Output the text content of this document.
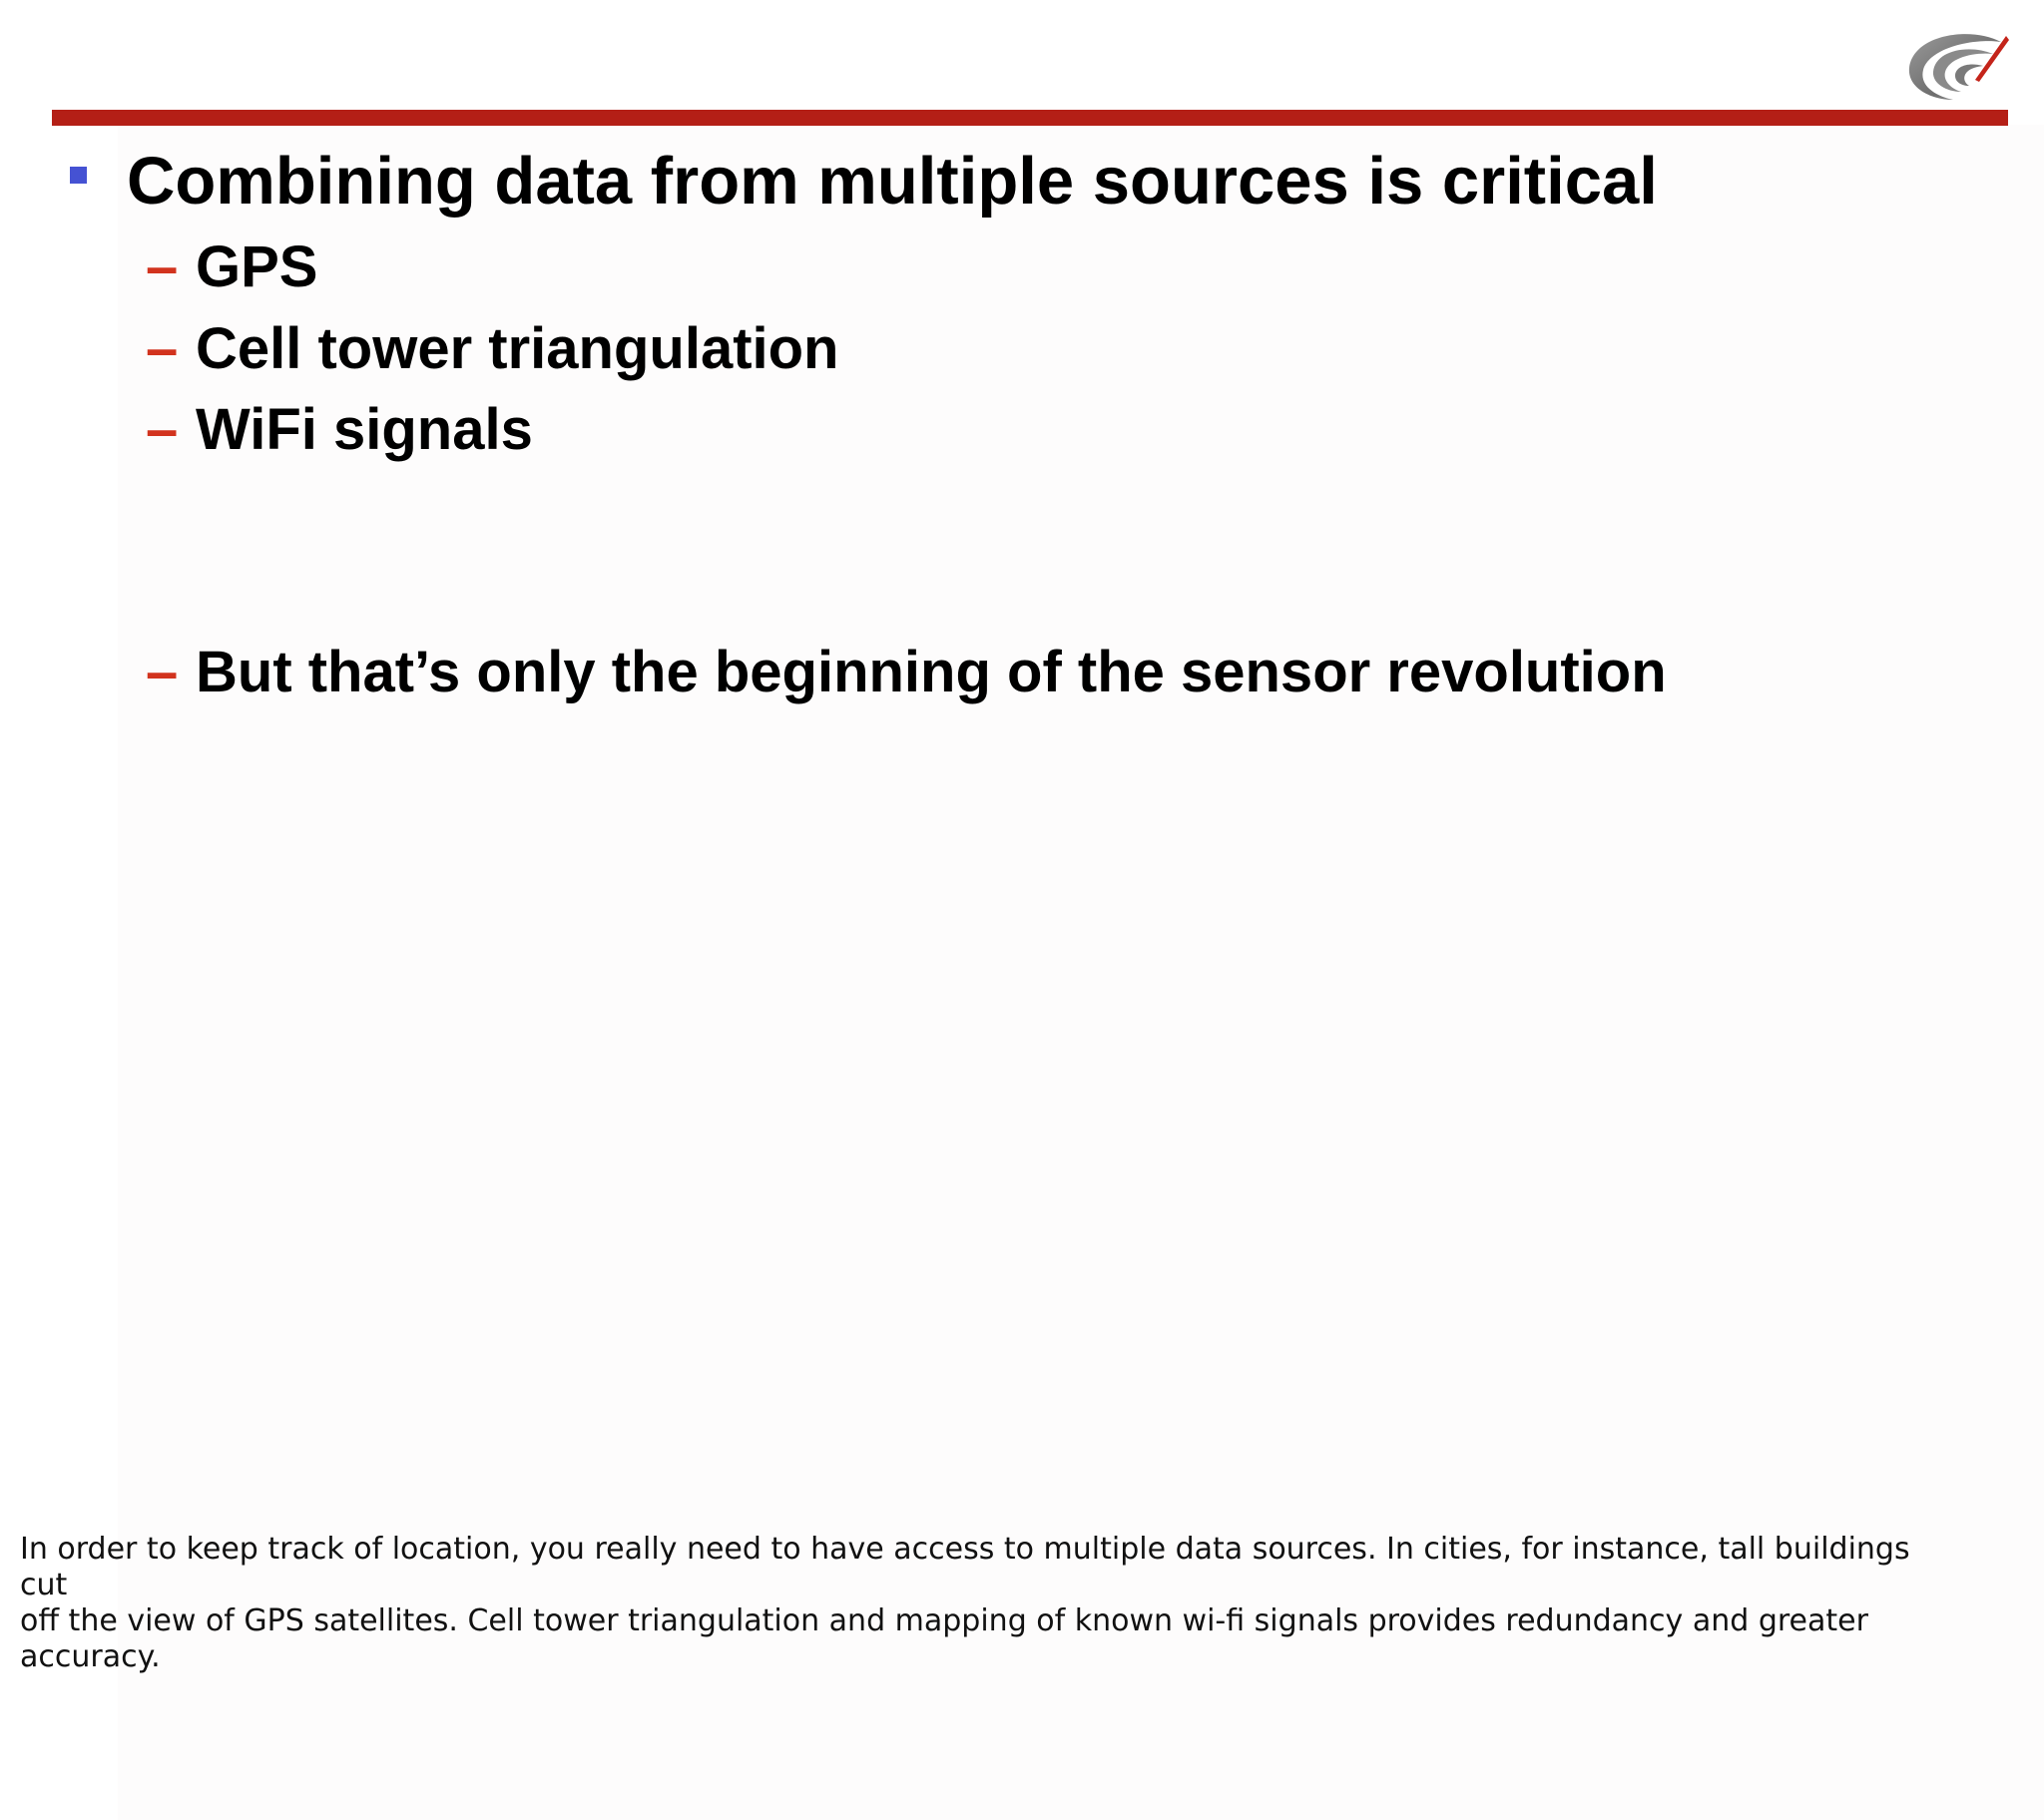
Combining data from multiple sources is critical
– GPS
– Cell tower triangulation
– WiFi signals
– But that’s only the beginning of the sensor revolution
In order to keep track of location, you really need to have access to multiple data sources. In cities, for instance, tall buildings
cut
off the view of GPS satellites. Cell tower triangulation and mapping of known wi-fi signals provides redundancy and greater
accuracy.
